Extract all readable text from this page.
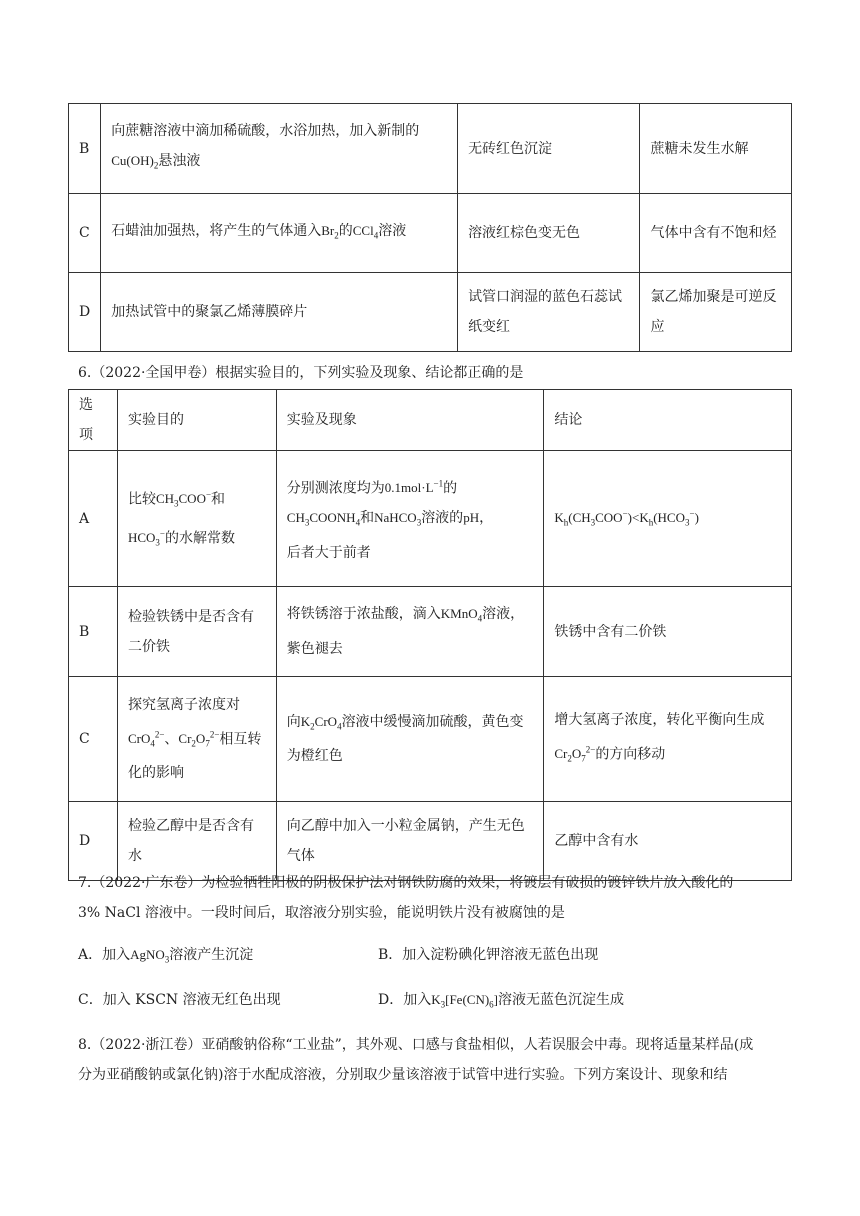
B	向蔗糖溶液中滴加稀硫酸，水浴加热，加入新制的
$Cu(OH)_2$悬浊液	无砖红色沉淀	蔗糖未发生水解
C	石蜡油加强热，将产生的气体通入$Br_2$的CCl$_4$溶液	溶液红棕色变无色	气体中含有不饱和烃
D	加热试管中的聚氯乙烯薄膜碎片	试管口润湿的蓝色石蕊试纸变红	氯乙烯加聚是可逆反应

6.（2022·全国甲卷）根据实验目的，下列实验及现象、结论都正确的是

选项	实验目的	实验及现象	结论
A	比较$CH_3COO^-$和
$HCO_3^-$的水解常数	分别测浓度均为$0.1mol\cdot L^{-1}$的
$CH_3COONH_4$和NaHCO$_3$溶液的pH，
后者大于前者	$K_h(CH_3COO^-)<K_h(HCO_3^-)$
B	检验铁锈中是否含有二价铁	将铁锈溶于浓盐酸，滴入KMnO$_4$溶液，紫色褪去	铁锈中含有二价铁
C	探究氢离子浓度对
CrO$_4^{2-}$、$Cr_2O_7^{2-}$相互转化的影响	向$K_2CrO_4$溶液中缓慢滴加硫酸，黄色变为橙红色	增大氢离子浓度，转化平衡向生成
$Cr_2O_7^{2-}$的方向移动
D	检验乙醇中是否含有水	向乙醇中加入一小粒金属钠，产生无色气体	乙醇中含有水

7.（2022·广东卷）为检验牺牲阳极的阴极保护法对钢铁防腐的效果，将镀层有破损的镀锌铁片放入酸化的

3% NaCl 溶液中。一段时间后，取溶液分别实验，能说明铁片没有被腐蚀的是

A．加入AgNO$_3$溶液产生沉淀	B．加入淀粉碘化钾溶液无蓝色出现
C．加入 KSCN 溶液无红色出现	D．加入$K_3[Fe(CN)_6]$溶液无蓝色沉淀生成

8.（2022·浙江卷）亚硝酸钠俗称“工业盐”，其外观、口感与食盐相似，人若误服会中毒。现将适量某样品(成

分为亚硝酸钠或氯化钠)溶于水配成溶液，分别取少量该溶液于试管中进行实验。下列方案设计、现象和结
